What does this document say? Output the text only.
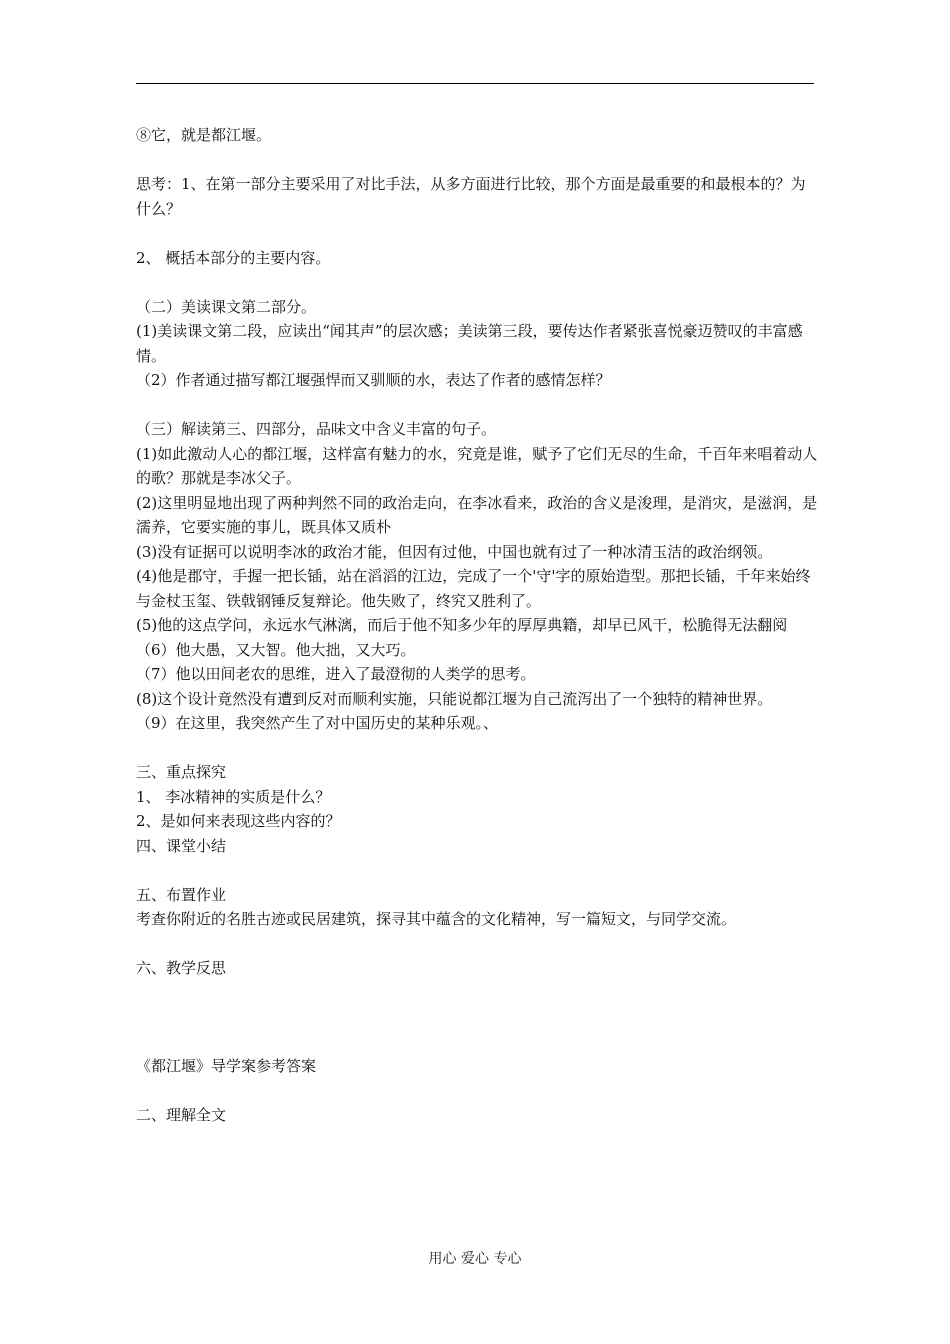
⑧它，就是都江堰。

思考：1、在第一部分主要采用了对比手法，从多方面进行比较，那个方面是最重要的和最根本的？为什么？

2、 概括本部分的主要内容。

（二）美读课文第二部分。

(1)美读课文第二段，应读出“闻其声”的层次感；美读第三段，要传达作者紧张喜悦豪迈赞叹的丰富感情。

（2）作者通过描写都江堰强悍而又驯顺的水，表达了作者的感情怎样？

（三）解读第三、四部分，品味文中含义丰富的句子。

(1)如此激动人心的都江堰，这样富有魅力的水，究竟是谁，赋予了它们无尽的生命，千百年来唱着动人的歌？那就是李冰父子。

(2)这里明显地出现了两种判然不同的政治走向，在李冰看来，政治的含义是浚理，是消灾，是滋润，是濡养，它要实施的事儿，既具体又质朴

(3)没有证据可以说明李冰的政治才能，但因有过他，中国也就有过了一种冰清玉洁的政治纲领。

(4)他是郡守，手握一把长锸，站在滔滔的江边，完成了一个'守'字的原始造型。那把长锸，千年来始终与金杖玉玺、铁戟钢锤反复辩论。他失败了，终究又胜利了。

(5)他的这点学问，永远水气淋漓，而后于他不知多少年的厚厚典籍，却早已风干，松脆得无法翻阅

（6）他大愚，又大智。他大拙，又大巧。

（7）他以田间老农的思维，进入了最澄彻的人类学的思考。

(8)这个设计竟然没有遭到反对而顺利实施，只能说都江堰为自己流泻出了一个独特的精神世界。

（9）在这里，我突然产生了对中国历史的某种乐观。、

三、重点探究

1、 李冰精神的实质是什么？

2、是如何来表现这些内容的？

四、课堂小结

五、布置作业

考查你附近的名胜古迹或民居建筑，探寻其中蕴含的文化精神，写一篇短文，与同学交流。

六、教学反思

《都江堰》导学案参考答案

二、理解全文

用心 爱心 专心
